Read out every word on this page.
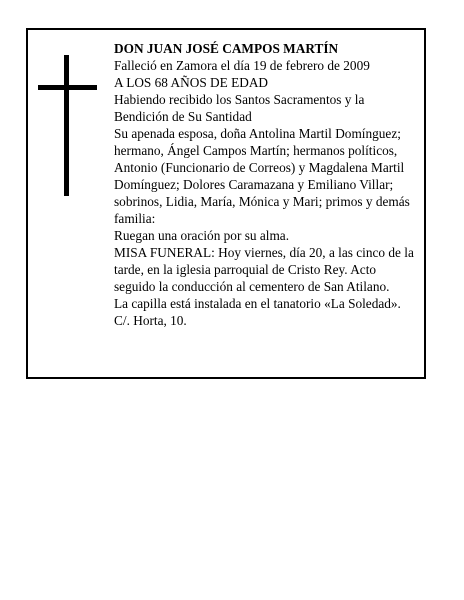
DON JUAN JOSÉ CAMPOS MARTÍN

Falleció en Zamora el día 19 de febrero de 2009

A LOS 68 AÑOS DE EDAD

Habiendo recibido los Santos Sacramentos y la Bendición de Su Santidad

Su apenada esposa, doña Antolina Martil Domínguez; hermano, Ángel Campos Martín; hermanos políticos, Antonio (Funcionario de Correos) y Magdalena Martil Domínguez; Dolores Caramazana y Emiliano Villar; sobrinos, Lidia, María, Mónica y Mari; primos y demás familia:

Ruegan una oración por su alma.

MISA FUNERAL: Hoy viernes, día 20, a las cinco de la tarde, en la iglesia parroquial de Cristo Rey. Acto seguido la conducción al cementero de San Atilano.

La capilla está instalada en el tanatorio «La Soledad». C/. Horta, 10.
